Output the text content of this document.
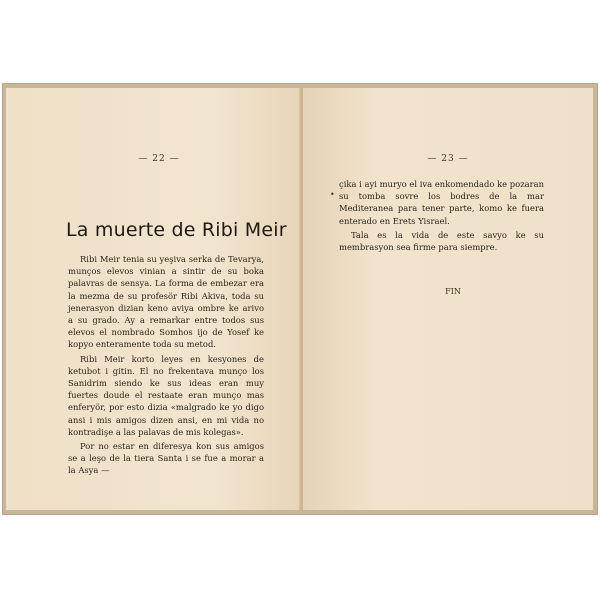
— 22 —
La muerte de Ribi Meir

Ribi Meir tenia su yeşiva serka de Tevarya, munços elevos vinian a sintir de su boka palavras de sensya. La forma de embezar era la mezma de su profesör Ribi Akiva, toda su jenerasyon dizian keno aviya ombre ke arivo a su grado. Ay a remarkar entre todos sus elevos el nombrado Somhos ijo de Yosef ke kopyo enteramente toda su metod.

Ribi Meir korto leyes en kesyones de ketubot i gitin. El no frekentava munço los Sanidrim siendo ke sus ideas eran muy fuertes doude el restaate eran munço mas enferyör, por esto dizia «malgrado ke yo digo ansi i mis amigos dizen ansi, en mi vida no kontradişe a las palavas de mis kolegas».

Por no estar en diferesya kon sus amigos se a leşo de la tiera Santa i se fue a morar a la Asya —

— 23 —
•

çika i ayi muryo el iva enkomendado ke pozaran su tomba sovre los bodres de la mar Mediteranea para tener parte, komo ke fuera enterado en Erets Yisrael.

Tala es la vida de este savyo ke su membrasyon sea firme para siempre.

FIN
